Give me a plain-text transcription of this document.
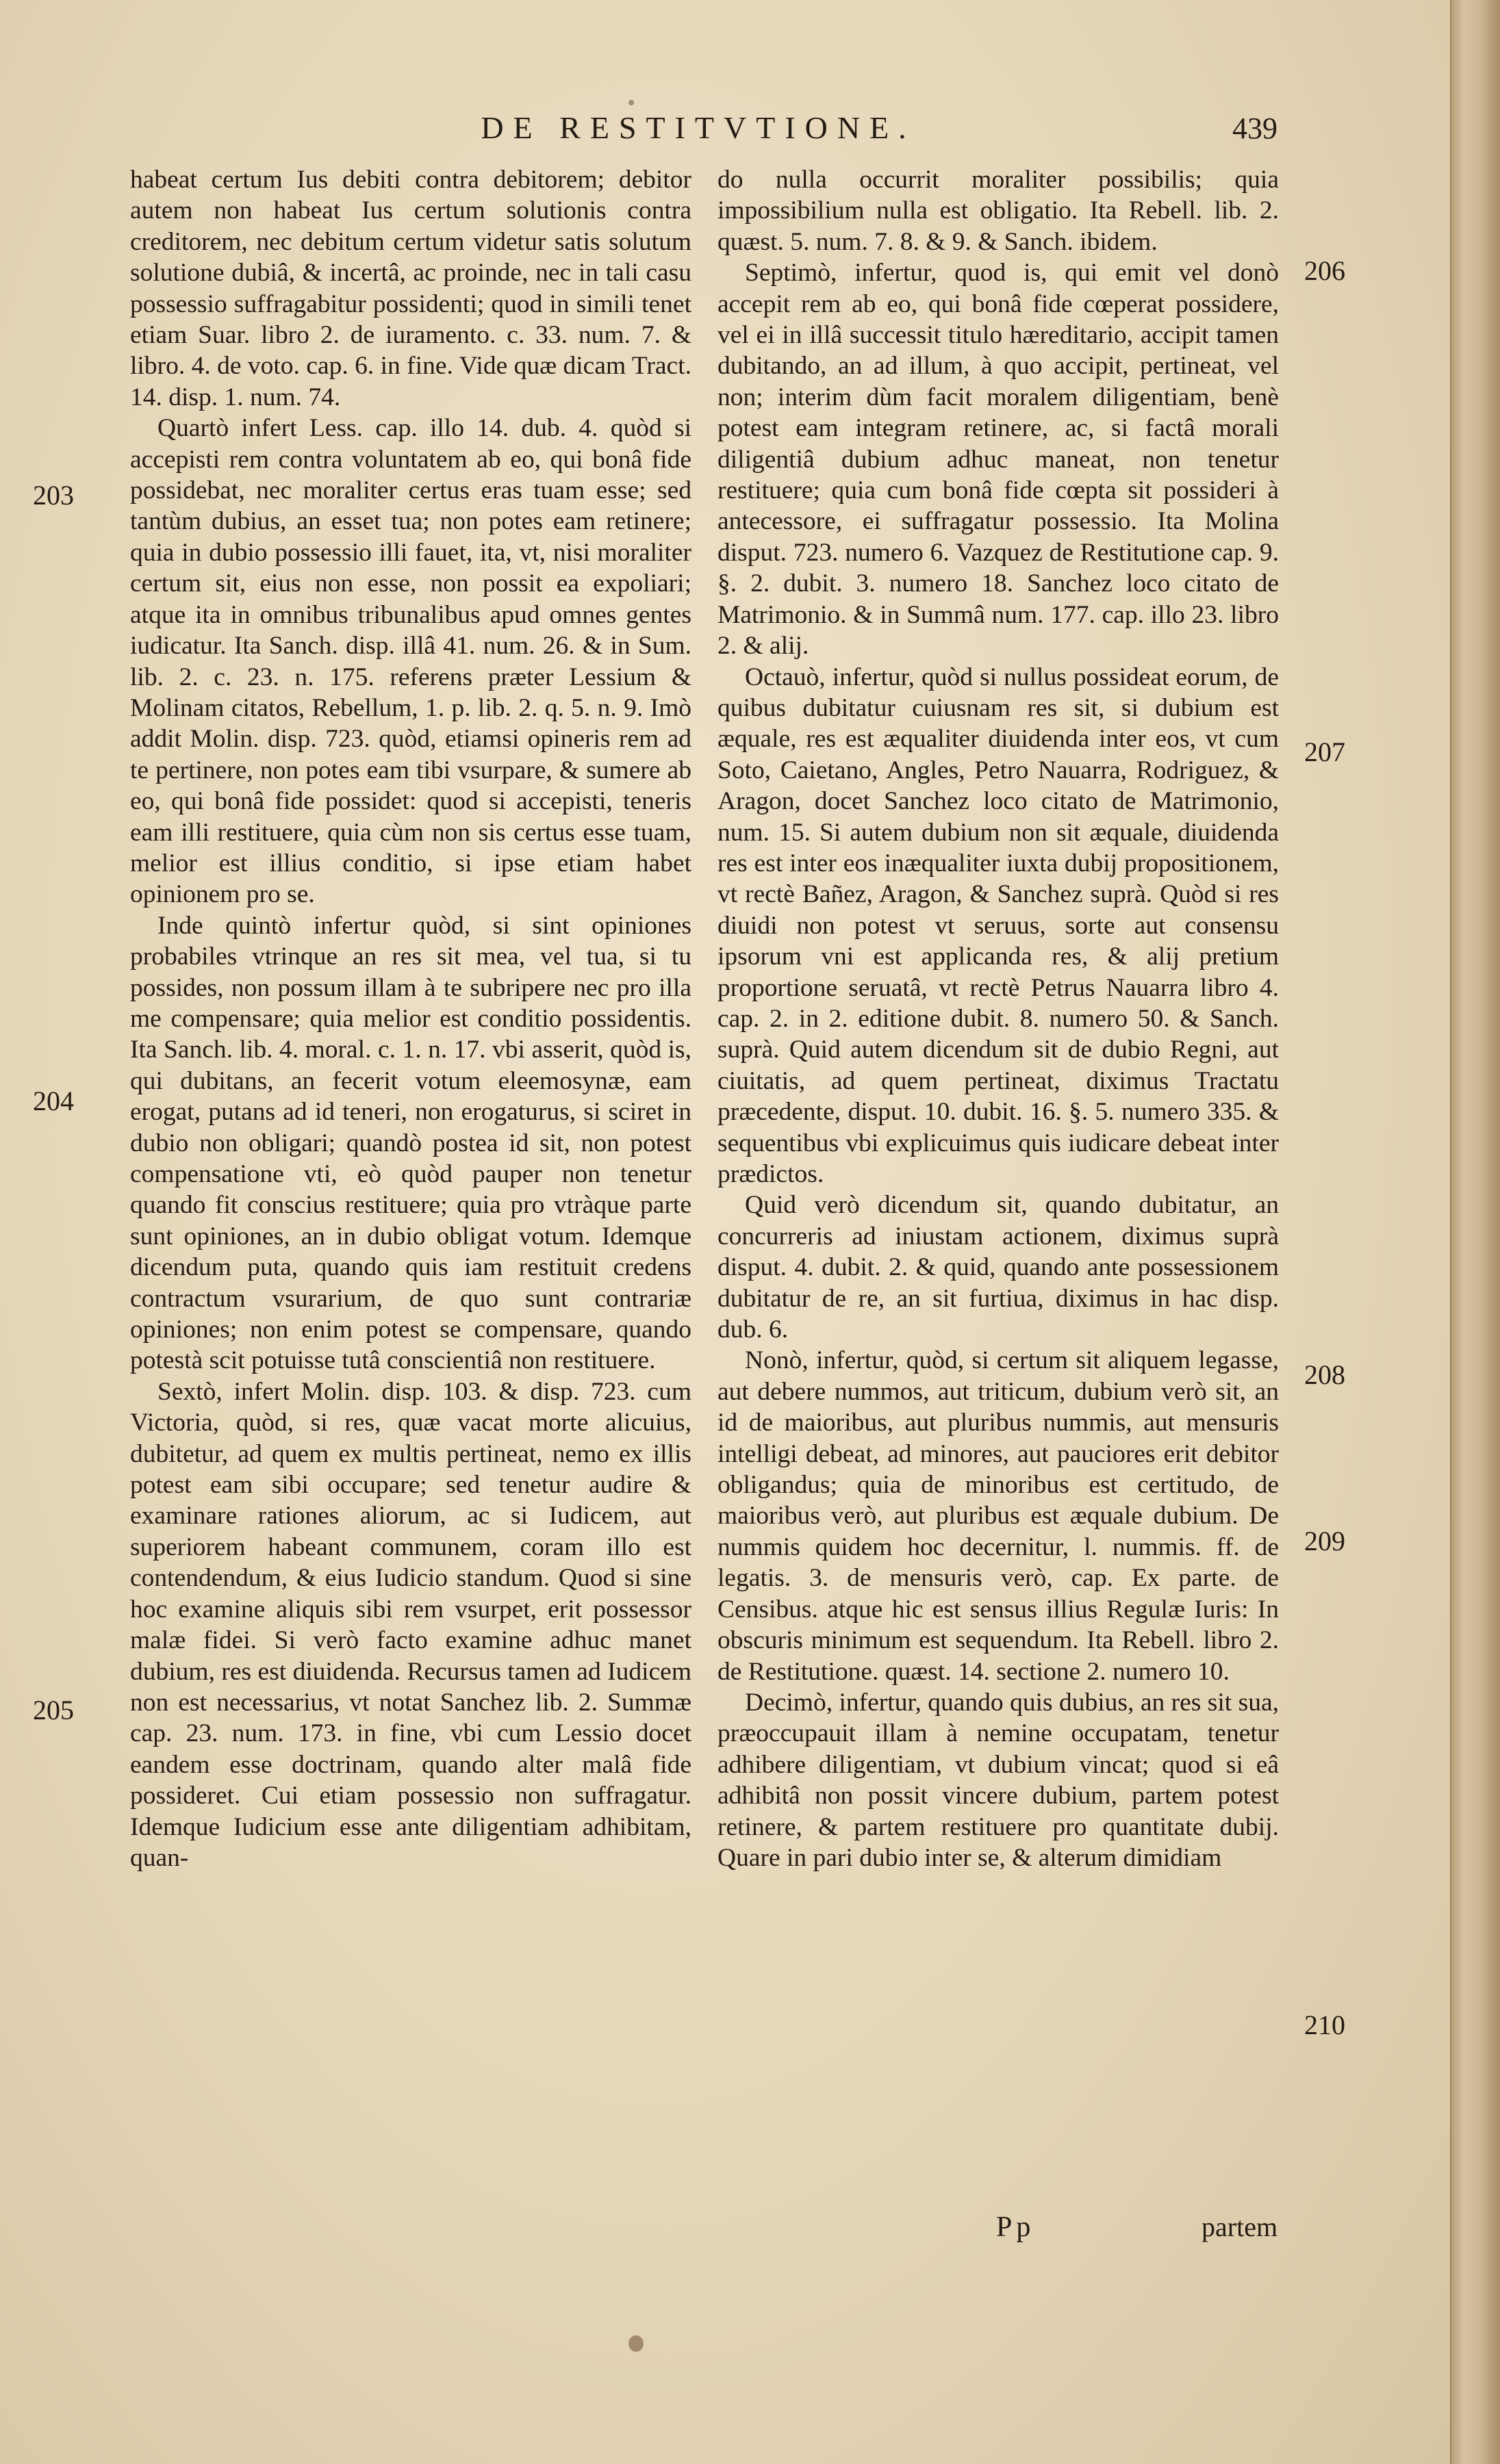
DE RESTITVTIONE.	439

habeat certum Ius debiti contra debitorem; debitor autem non habeat Ius certum solutionis contra creditorem, nec debitum certum videtur satis solutum solutione dubiâ, & incertâ, ac proinde, nec in tali casu possessio suffragabitur possidenti; quod in simili tenet etiam Suar. libro 2. de iuramento. c. 33. num. 7. & libro. 4. de voto. cap. 6. in fine. Vide quæ dicam Tract. 14. disp. 1. num. 74.

Quartò infert Less. cap. illo 14. dub. 4. quòd si accepisti rem contra voluntatem ab eo, qui bonâ fide possidebat, nec moraliter certus eras tuam esse; sed tantùm dubius, an esset tua; non potes eam retinere; quia in dubio possessio illi fauet, ita, vt, nisi moraliter certum sit, eius non esse, non possit ea expoliari; atque ita in omnibus tribunalibus apud omnes gentes iudicatur. Ita Sanch. disp. illâ 41. num. 26. & in Sum. lib. 2. c. 23. n. 175. referens præter Lessium & Molinam citatos, Rebellum, 1. p. lib. 2. q. 5. n. 9. Imò addit Molin. disp. 723. quòd, etiamsi opineris rem ad te pertinere, non potes eam tibi vsurpare, & sumere ab eo, qui bonâ fide possidet: quod si accepisti, teneris eam illi restituere, quia cùm non sis certus esse tuam, melior est illius conditio, si ipse etiam habet opinionem pro se.

Inde quintò infertur quòd, si sint opiniones probabiles vtrinque an res sit mea, vel tua, si tu possides, non possum illam à te subripere nec pro illa me compensare; quia melior est conditio possidentis. Ita Sanch. lib. 4. moral. c. 1. n. 17. vbi asserit, quòd is, qui dubitans, an fecerit votum eleemosynæ, eam erogat, putans ad id teneri, non erogaturus, si sciret in dubio non obligari; quandò postea id sit, non potest compensatione vti, eò quòd pauper non tenetur quando fit conscius restituere; quia pro vtràque parte sunt opiniones, an in dubio obligat votum. Idemque dicendum puta, quando quis iam restituit credens contractum vsurarium, de quo sunt contrariæ opiniones; non enim potest se compensare, quando potestà scit potuisse tutâ conscientiâ non restituere.

Sextò, infert Molin. disp. 103. & disp. 723. cum Victoria, quòd, si res, quæ vacat morte alicuius, dubitetur, ad quem ex multis pertineat, nemo ex illis potest eam sibi occupare; sed tenetur audire & examinare rationes aliorum, ac si Iudicem, aut superiorem habeant communem, coram illo est contendendum, & eius Iudicio standum. Quod si sine hoc examine aliquis sibi rem vsurpet, erit possessor malæ fidei. Si verò facto examine adhuc manet dubium, res est diuidenda. Recursus tamen ad Iudicem non est necessarius, vt notat Sanchez lib. 2. Summæ cap. 23. num. 173. in fine, vbi cum Lessio docet eandem esse doctrinam, quando alter malâ fide possideret. Cui etiam possessio non suffragatur. Idemque Iudicium esse ante diligentiam adhibitam, quan-

do nulla occurrit moraliter possibilis; quia impossibilium nulla est obligatio. Ita Rebell. lib. 2. quæst. 5. num. 7. 8. & 9. & Sanch. ibidem.

Septimò, infertur, quod is, qui emit vel donò accepit rem ab eo, qui bonâ fide cœperat possidere, vel ei in illâ successit titulo hæreditario, accipit tamen dubitando, an ad illum, à quo accipit, pertineat, vel non; interim dùm facit moralem diligentiam, benè potest eam integram retinere, ac, si factâ morali diligentiâ dubium adhuc maneat, non tenetur restituere; quia cum bonâ fide cœpta sit possideri à antecessore, ei suffragatur possessio. Ita Molina disput. 723. numero 6. Vazquez de Restitutione cap. 9. §. 2. dubit. 3. numero 18. Sanchez loco citato de Matrimonio. & in Summâ num. 177. cap. illo 23. libro 2. & alij.

Octauò, infertur, quòd si nullus possideat eorum, de quibus dubitatur cuiusnam res sit, si dubium est æquale, res est æqualiter diuidenda inter eos, vt cum Soto, Caietano, Angles, Petro Nauarra, Rodriguez, & Aragon, docet Sanchez loco citato de Matrimonio, num. 15. Si autem dubium non sit æquale, diuidenda res est inter eos inæqualiter iuxta dubij propositionem, vt rectè Bañez, Aragon, & Sanchez suprà. Quòd si res diuidi non potest vt seruus, sorte aut consensu ipsorum vni est applicanda res, & alij pretium proportione seruatâ, vt rectè Petrus Nauarra libro 4. cap. 2. in 2. editione dubit. 8. numero 50. & Sanch. suprà. Quid autem dicendum sit de dubio Regni, aut ciuitatis, ad quem pertineat, diximus Tractatu præcedente, disput. 10. dubit. 16. §. 5. numero 335. & sequentibus vbi explicuimus quis iudicare debeat inter prædictos.

Quid verò dicendum sit, quando dubitatur, an concurreris ad iniustam actionem, diximus suprà disput. 4. dubit. 2. & quid, quando ante possessionem dubitatur de re, an sit furtiua, diximus in hac disp. dub. 6.

Nonò, infertur, quòd, si certum sit aliquem legasse, aut debere nummos, aut triticum, dubium verò sit, an id de maioribus, aut pluribus nummis, aut mensuris intelligi debeat, ad minores, aut pauciores erit debitor obligandus; quia de minoribus est certitudo, de maioribus verò, aut pluribus est æquale dubium. De nummis quidem hoc decernitur, l. nummis. ff. de legatis. 3. de mensuris verò, cap. Ex parte. de Censibus. atque hic est sensus illius Regulæ Iuris: In obscuris minimum est sequendum. Ita Rebell. libro 2. de Restitutione. quæst. 14. sectione 2. numero 10.

Decimò, infertur, quando quis dubius, an res sit sua, præoccupauit illam à nemine occupatam, tenetur adhibere diligentiam, vt dubium vincat; quod si eâ adhibitâ non possit vincere dubium, partem potest retinere, & partem restituere pro quantitate dubij. Quare in pari dubio inter se, & alterum dimidiam

203
204
205
206
207
208
209
210
Pp	partem
